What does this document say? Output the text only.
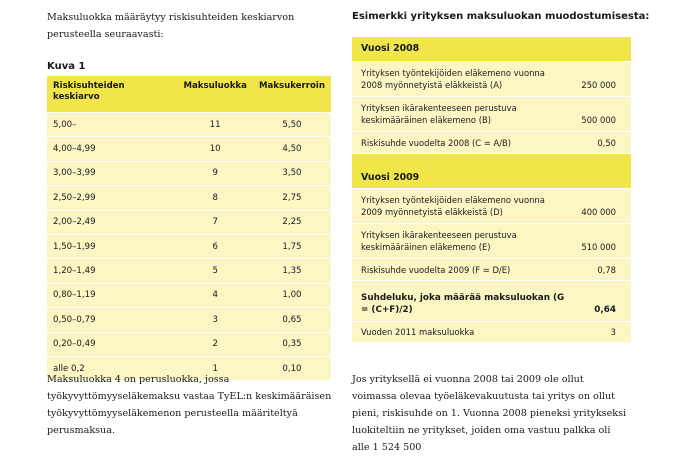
Maksuluokka määräytyy riskisuhteiden keskiarvon perusteella seuraavasti:
Kuva 1
Riskisuhteiden keskiarvo	Maksuluokka	Maksukerroin
5,00–	11	5,50
4,00–4,99	10	4,50
3,00–3,99	9	3,50
2,50–2,99	8	2,75
2,00–2,49	7	2,25
1,50–1,99	6	1,75
1,20–1,49	5	1,35
0,80–1,19	4	1,00
0,50–0,79	3	0,65
0,20–0,49	2	0,35
alle 0,2	1	0,10
Maksuluokka 4 on perusluokka, jossa työkyvyttömyyseläkemaksu vastaa TyEL:n keskimääräisen työkyvyttömyyseläkemenon perusteella määriteltyä perusmaksua.
Esimerkki yrityksen maksuluokan muodostumisesta:
Vuosi 2008
Yrityksen työntekijöiden eläkemeno vuonna 2008 myönnetyistä eläkkeistä (A)	250 000
Yrityksen ikärakenteeseen perustuva keskimääräinen eläkemeno (B)	500 000
Riskisuhde vuodelta 2008 (C = A/B)	0,50
Vuosi 2009
Yrityksen työntekijöiden eläkemeno vuonna 2009 myönnetyistä eläkkeistä (D)	400 000
Yrityksen ikärakenteeseen perustuva keskimääräinen eläkemeno (E)	510 000
Riskisuhde vuodelta 2009 (F = D/E)	0,78
Suhdeluku, joka määrää maksuluokan (G = (C+F)/2)	0,64
Vuoden 2011 maksuluokka	3
Jos yrityksellä ei vuonna 2008 tai 2009 ole ollut voimassa olevaa työeläkevakuutusta tai yritys on ollut pieni, riskisuhde on 1. Vuonna 2008 pieneksi yritykseksi luokiteltiin ne yritykset, joiden oma vastuu palkka oli alle 1 524 500
